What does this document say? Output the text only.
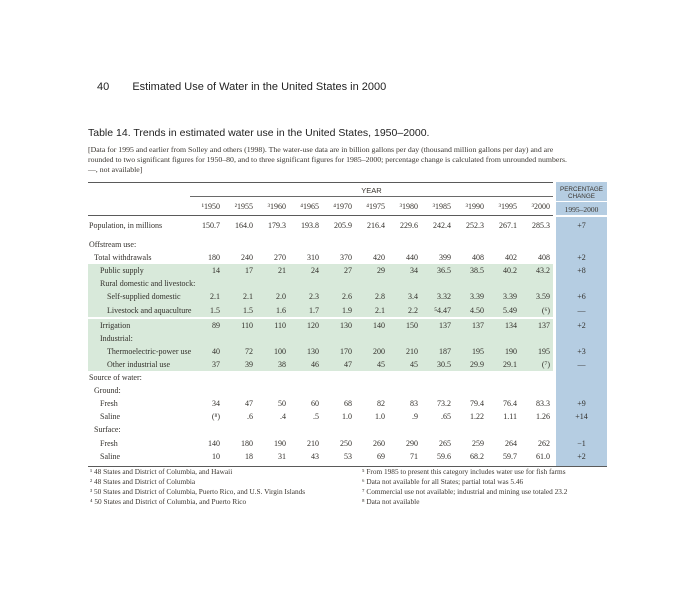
40 Estimated Use of Water in the United States in 2000
Table 14. Trends in estimated water use in the United States, 1950–2000.
[Data for 1995 and earlier from Solley and others (1998). The water-use data are in billion gallons per day (thousand million gallons per day) and are
rounded to two significant figures for 1950–80, and to three significant figures for 1985–2000; percentage change is calculated from unrounded numbers.
—, not available]
YEAR
¹1950	²1955	³1960	⁴1965	⁴1970	⁴1975	³1980	³1985	³1990	³1995	³2000
PERCENTAGE CHANGE
1995–2000
Population, in millions	150.7	164.0	179.3	193.8	205.9	216.4	229.6	242.4	252.3	267.1	285.3	+7
Offstream use:
Total withdrawals	180	240	270	310	370	420	440	399	408	402	408	+2
Public supply	14	17	21	24	27	29	34	36.5	38.5	40.2	43.2	+8
Rural domestic and livestock:
Self-supplied domestic	2.1	2.1	2.0	2.3	2.6	2.8	3.4	3.32	3.39	3.39	3.59	+6
Livestock and aquaculture	1.5	1.5	1.6	1.7	1.9	2.1	2.2	⁵4.47	4.50	5.49	(⁶)	—
Irrigation	89	110	110	120	130	140	150	137	137	134	137	+2
Industrial:
Thermoelectric-power use	40	72	100	130	170	200	210	187	195	190	195	+3
Other industrial use	37	39	38	46	47	45	45	30.5	29.9	29.1	(⁷)	—
Source of water:
Ground:
Fresh	34	47	50	60	68	82	83	73.2	79.4	76.4	83.3	+9
Saline	(⁸)	.6	.4	.5	1.0	1.0	.9	.65	1.22	1.11	1.26	+14
Surface:
Fresh	140	180	190	210	250	260	290	265	259	264	262	−1
Saline	10	18	31	43	53	69	71	59.6	68.2	59.7	61.0	+2
¹ 48 States and District of Columbia, and Hawaii
² 48 States and District of Columbia
³ 50 States and District of Columbia, Puerto Rico, and U.S. Virgin Islands
⁴ 50 States and District of Columbia, and Puerto Rico
⁵ From 1985 to present this category includes water use for fish farms
⁶ Data not available for all States; partial total was 5.46
⁷ Commercial use not available; industrial and mining use totaled 23.2
⁸ Data not available
